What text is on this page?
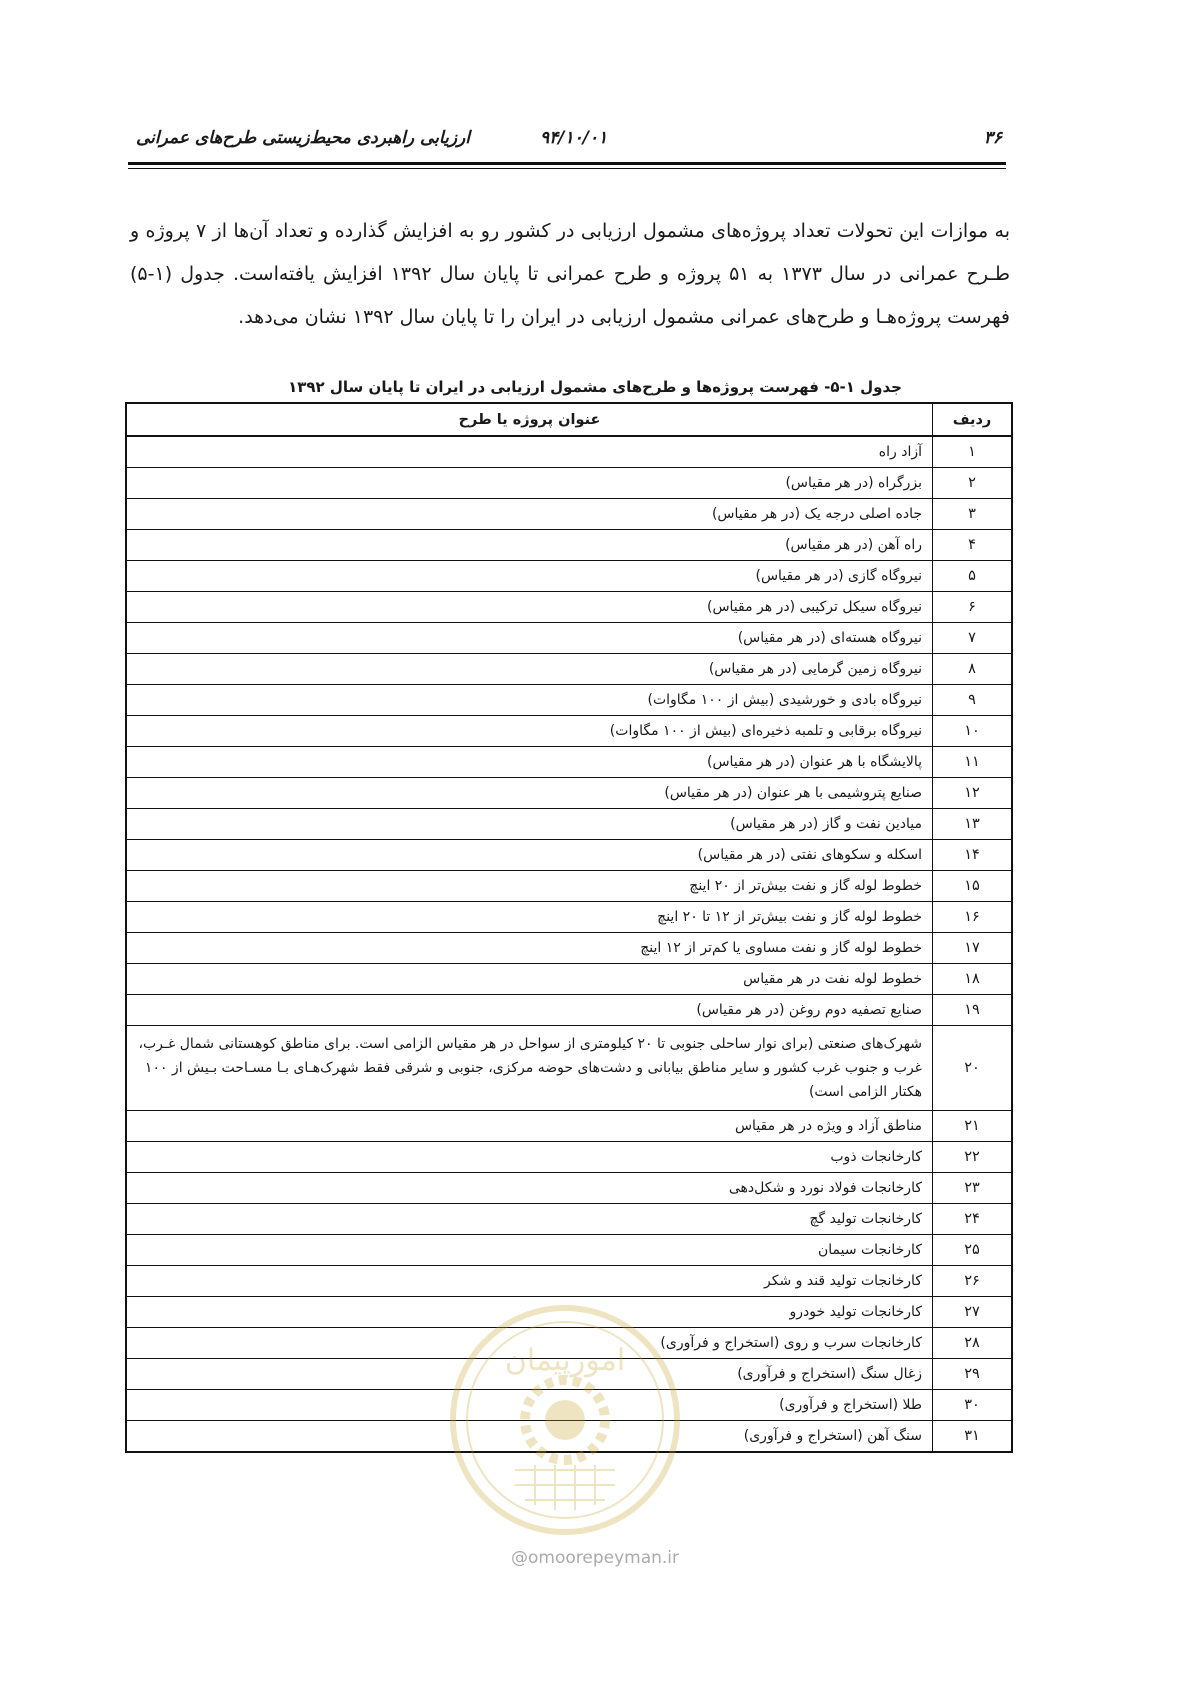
۳۶
۹۴/۱۰/۰۱
ارزیابی راهبردی محیط‌زیستی طرح‌های عمرانی

به موازات این تحولات تعداد پروژه‌های مشمول ارزیابی در کشور رو به افزایش گذارده و تعداد آن‌ها از ۷ پروژه و طـرح عمرانی در سال ۱۳۷۳ به ۵۱ پروژه و طرح عمرانی تا پایان سال ۱۳۹۲ افزایش یافته‌است. جدول (۱-۵) فهرست پروژه‌هـا و طرح‌های عمرانی مشمول ارزیابی در ایران را تا پایان سال ۱۳۹۲ نشان می‌دهد.

جدول ۱-۵- فهرست پروژه‌ها و طرح‌های مشمول ارزیابی در ایران تا پایان سال ۱۳۹۲
ردیف	عنوان پروژه یا طرح
۱	آزاد راه
۲	بزرگراه (در هر مقیاس)
۳	جاده اصلی درجه یک (در هر مقیاس)
۴	راه آهن (در هر مقیاس)
۵	نیروگاه گازی (در هر مقیاس)
۶	نیروگاه سیکل ترکیبی (در هر مقیاس)
۷	نیروگاه هسته‌ای (در هر مقیاس)
۸	نیروگاه زمین گرمایی (در هر مقیاس)
۹	نیروگاه بادی و خورشیدی (بیش از ۱۰۰ مگاوات)
۱۰	نیروگاه برقابی و تلمبه ذخیره‌ای (بیش از ۱۰۰ مگاوات)
۱۱	پالایشگاه با هر عنوان (در هر مقیاس)
۱۲	صنایع پتروشیمی با هر عنوان (در هر مقیاس)
۱۳	میادین نفت و گاز (در هر مقیاس)
۱۴	اسکله و سکوهای نفتی (در هر مقیاس)
۱۵	خطوط لوله گاز و نفت بیش‌تر از ۲۰ اینچ
۱۶	خطوط لوله گاز و نفت بیش‌تر از ۱۲ تا ۲۰ اینچ
۱۷	خطوط لوله گاز و نفت مساوی یا کم‌تر از ۱۲ اینچ
۱۸	خطوط لوله نفت در هر مقیاس
۱۹	صنایع تصفیه دوم روغن (در هر مقیاس)
۲۰	شهرک‌های صنعتی (برای نوار ساحلی جنوبی تا ۲۰ کیلومتری از سواحل در هر مقیاس الزامی است. برای مناطق کوهستانی شمال غـرب، غرب و جنوب غرب کشور و سایر مناطق بیابانی و دشت‌های حوضه مرکزی، جنوبی و شرقی فقط شهرک‌هـای بـا مسـاحت بـیش از ۱۰۰ هکتار الزامی است)
۲۱	مناطق آزاد و ویژه در هر مقیاس
۲۲	کارخانجات ذوب
۲۳	کارخانجات فولاد نورد و شکل‌دهی
۲۴	کارخانجات تولید گچ
۲۵	کارخانجات سیمان
۲۶	کارخانجات تولید قند و شکر
۲۷	کارخانجات تولید خودرو
۲۸	کارخانجات سرب و روی (استخراج و فرآوری)
۲۹	زغال سنگ (استخراج و فرآوری)
۳۰	طلا (استخراج و فرآوری)
۳۱	سنگ آهن (استخراج و فرآوری)
امورپیمان
@omoorepeyman.ir
